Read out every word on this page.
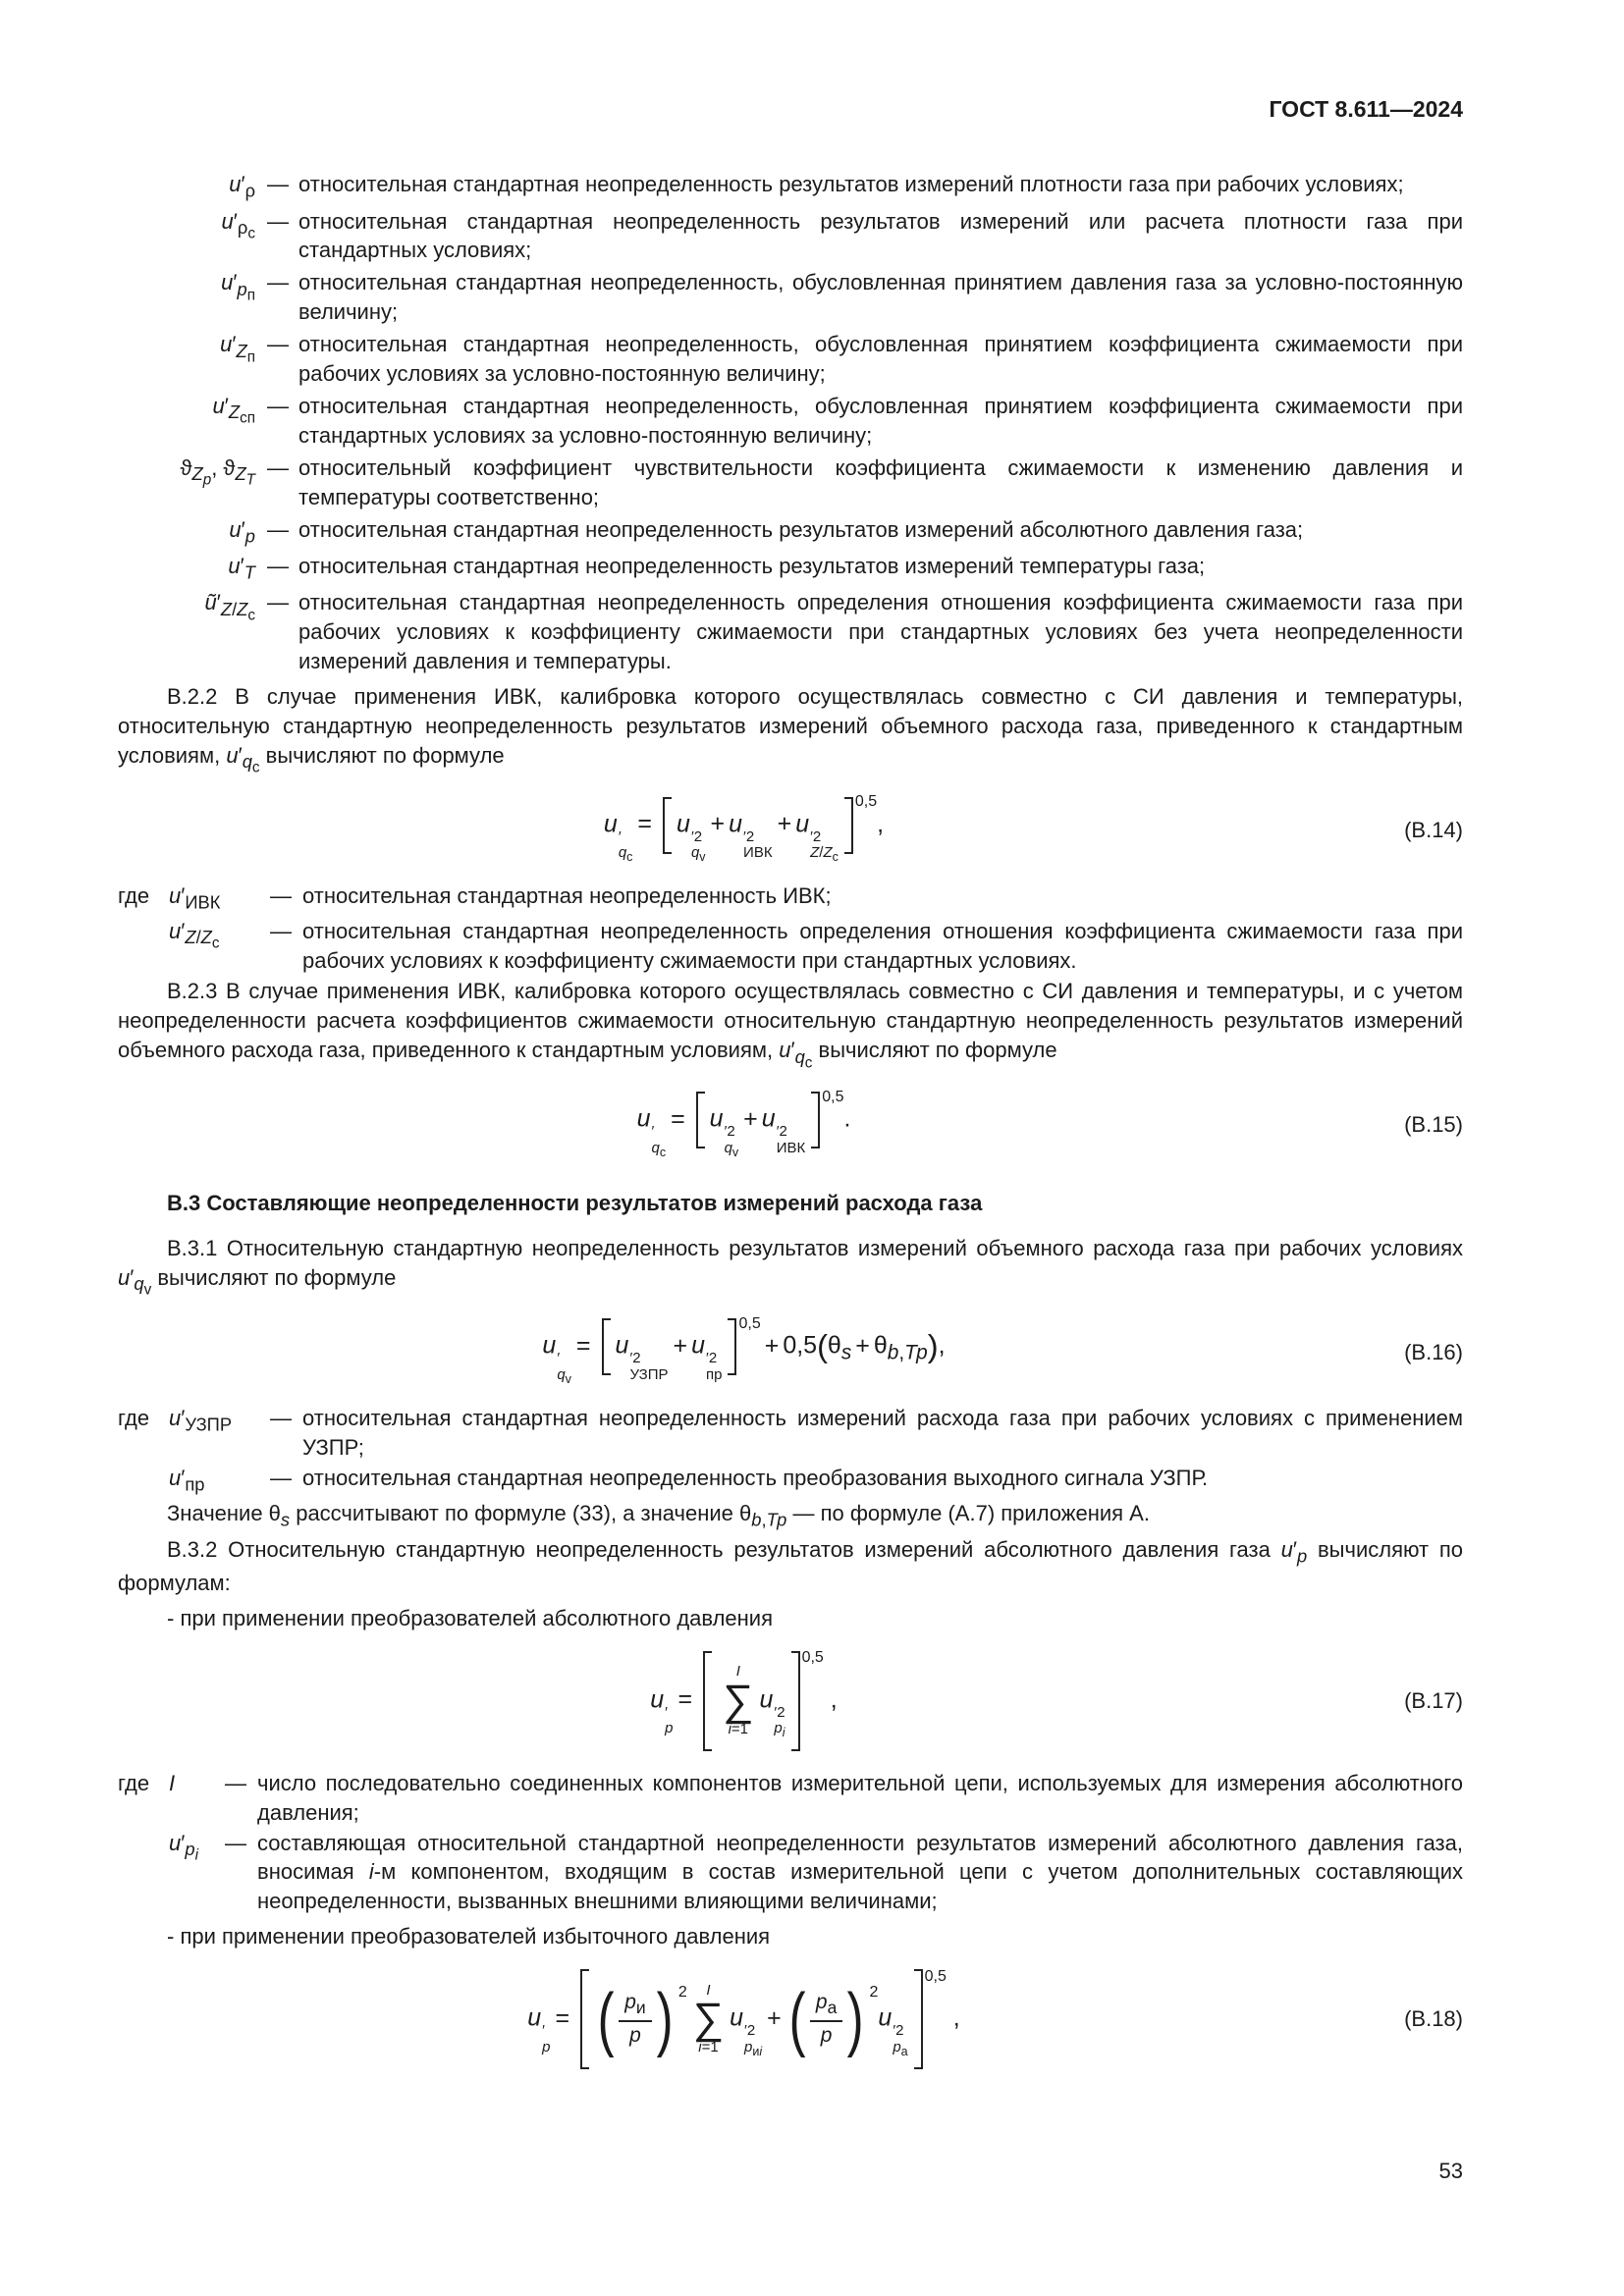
ГОСТ 8.611—2024
$u'_\rho$ — относительная стандартная неопределенность результатов измерений плотности газа при рабочих условиях;
$u'_{\rho_с}$
— относительная стандартная неопределенность результатов измерений или расчета плотности газа при стандартных условиях;
$u'_{p_п}$
— относительная стандартная неопределенность, обусловленная принятием давления газа за условно-постоянную величину;
$u'_{Z_п}$
— относительная стандартная неопределенность, обусловленная принятием коэффициента сжимаемости при рабочих условиях за условно-постоянную величину;
$u'_{Z_{сп}}$
— относительная стандартная неопределенность, обусловленная принятием коэффициента сжимаемости при стандартных условиях за условно-постоянную величину;
$ϑ_{Z_p}$, $ϑ_{Z_T}$
— относительный коэффициент чувствительности коэффициента сжимаемости к изменению давления и температуры соответственно;
$u'_p$ — относительная стандартная неопределенность результатов измерений абсолютного давления газа;
$u'_T$ — относительная стандартная неопределенность результатов измерений температуры газа;
$ũ'_{Z/Z_с}$
— относительная стандартная неопределенность определения отношения коэффициента сжимаемости газа при рабочих условиях к коэффициенту сжимаемости при стандартных условиях без учета неопределенности измерений давления и температуры.

В.2.2 В случае применения ИВК, калибровка которого осуществлялась совместно с СИ давления и температуры, относительную стандартную неопределенность результатов измерений объемного расхода газа, приведенного к стандартным условиям, $u'_{q_с}$ вычисляют по формуле

u ′
$q_с$
= u ′2
$q_v$
+ u ′2
ИВК
+ u ′2
$Z/Z_с$
0,5,	(В.14)
где $u'_{ИВК}$	— относительная стандартная неопределенность ИВК;
$u'_{Z/Z_с}$
— относительная стандартная неопределенность определения отношения коэффициента сжимаемости газа при рабочих условиях к коэффициенту сжимаемости при стандартных условиях.

В.2.3 В случае применения ИВК, калибровка которого осуществлялась совместно с СИ давления и температуры, и с учетом неопределенности расчета коэффициентов сжимаемости относительную стандартную неопределенность результатов измерений объемного расхода газа, приведенного к стандартным условиям, $u'_{q_с}$ вычисляют по формуле

u ′
$q_с$
= u ′2
$q_v$
+ u ′2
ИВК
0,5.	(В.15)

В.3 Составляющие неопределенности результатов измерений расхода газа

В.3.1 Относительную стандартную неопределенность результатов измерений объемного расхода газа при рабочих условиях $u'_{q_v}$ вычисляют по формуле

u ′
$q_v$
= u ′2
УЗПР
+ u ′2
пр
$0,5+ 0,5(\theta_s + \theta_{b,Тр})$,	(В.16)
где $u'_{УЗПР}$	— относительная стандартная неопределенность измерений расхода газа при рабочих условиях с применением УЗПР;
$u'_{пр}$	— относительная стандартная неопределенность преобразования выходного сигнала УЗПР.

Значение $\theta_s$ рассчитывают по формуле (33), а значение $\theta_{b,Тр}$ — по формуле (А.7) приложения А.

В.3.2 Относительную стандартную неопределенность результатов измерений абсолютного давления газа $u'_p$ вычисляют по формулам:

- при применении преобразователей абсолютного давления

u ′
p
=
I
∑
i=1
u ′2
$p_i$
0,5 ,	(В.17)
где I	— число последовательно соединенных компонентов измерительной цепи, используемых для измерения абсолютного давления;
$u'_{p_i}$
— составляющая относительной стандартной неопределенности результатов измерений абсолютного давления газа, вносимая i-м компонентом, входящим в состав измерительной цепи с учетом дополнительных составляющих неопределенности, вызванных внешними влияющими величинами;

- при применении преобразователей избыточного давления

u ′
p
= ( $\frac{p_и}{p}$ ) 2 I
∑
i=1
u ′2
$p_{иi}$
+ ( $\frac{p_а}{p}$ ) 2u ′2
$p_а$
0,5 ,	(В.18)
53
